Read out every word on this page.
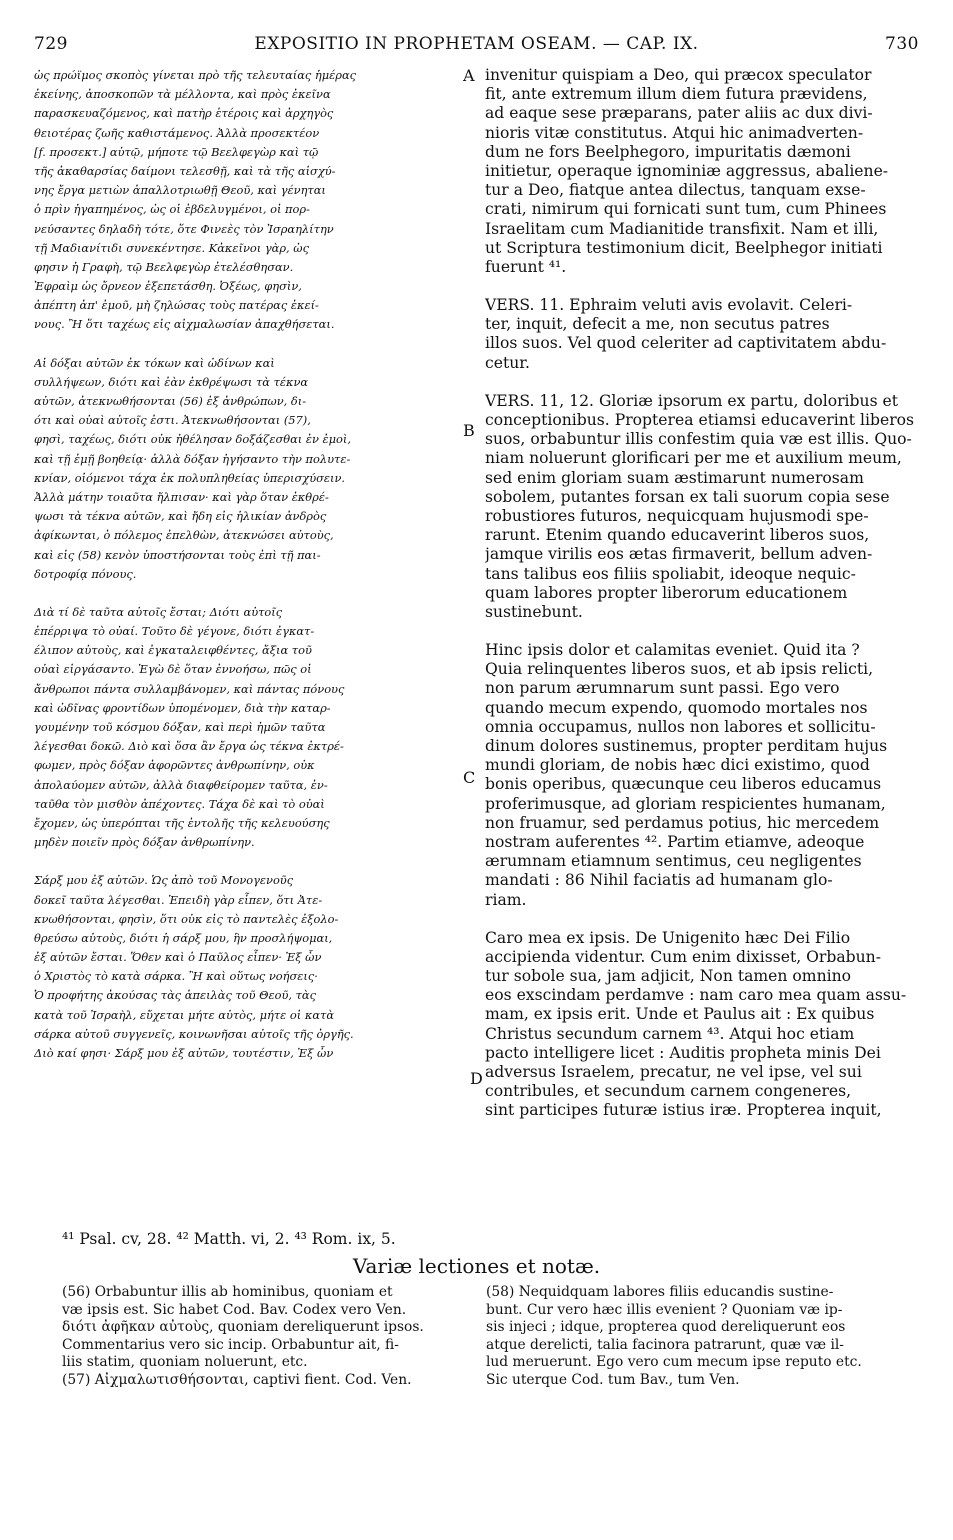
729	EXPOSITIO IN PROPHETAM OSEAM. — CAP. IX.	730
ὡς πρώϊμος σκοπὸς γίνεται πρὸ τῆς τελευταίας ἡμέρας
ἐκείνης, ἀποσκοπῶν τὰ μέλλοντα, καὶ πρὸς ἐκεῖνα
παρασκευαζόμενος, καὶ πατὴρ ἑτέροις καὶ ἀρχηγὸς
θειοτέρας ζωῆς καθιστάμενος. Ἀλλὰ προσεκτέον
[f. προσεκτ.] αὐτῷ, μήποτε τῷ Βεελφεγὼρ καὶ τῷ
τῆς ἀκαθαρσίας δαίμονι τελεσθῇ, καὶ τὰ τῆς αἰσχύ-
νης ἔργα μετιὼν ἀπαλλοτριωθῇ Θεοῦ, καὶ γένηται
ὁ πρὶν ἠγαπημένος, ὡς οἱ ἐβδελυγμένοι, οἱ πορ-
νεύσαντες δηλαδὴ τότε, ὅτε Φινεὲς τὸν Ἰσραηλίτην
τῇ Μαδιανίτιδι συνεκέντησε. Κἀκεῖνοι γὰρ, ὡς
φησιν ἡ Γραφὴ, τῷ Βεελφεγὼρ ἐτελέσθησαν.
Ἐφραὶμ ὡς ὄρνεον ἐξεπετάσθη. Ὀξέως, φησὶν,
ἀπέπτη ἀπ' ἐμοῦ, μὴ ζηλώσας τοὺς πατέρας ἐκεί-
νους. Ἢ ὅτι ταχέως εἰς αἰχμαλωσίαν ἀπαχθήσεται.
Αἱ δόξαι αὐτῶν ἐκ τόκων καὶ ὠδίνων καὶ
συλλήψεων, διότι καὶ ἐὰν ἐκθρέψωσι τὰ τέκνα
αὐτῶν, ἀτεκνωθήσονται (56) ἐξ ἀνθρώπων, δι-
ότι καὶ οὐαὶ αὐτοῖς ἐστι. Ἀτεκνωθήσονται (57),
φησὶ, ταχέως, διότι οὐκ ἠθέλησαν δοξάζεσθαι ἐν ἐμοὶ,
καὶ τῇ ἐμῇ βοηθείᾳ· ἀλλὰ δόξαν ἡγήσαντο τὴν πολυτε-
κνίαν, οἰόμενοι τάχα ἐκ πολυπληθείας ὑπερισχύσειν.
Ἀλλὰ μάτην τοιαῦτα ἤλπισαν· καὶ γὰρ ὅταν ἐκθρέ-
ψωσι τὰ τέκνα αὐτῶν, καὶ ἤδη εἰς ἡλικίαν ἀνδρὸς
ἀφίκωνται, ὁ πόλεμος ἐπελθὼν, ἀτεκνώσει αὐτοὺς,
καὶ εἰς (58) κενὸν ὑποστήσονται τοὺς ἐπὶ τῇ παι-
δοτροφίᾳ πόνους.
Διὰ τί δὲ ταῦτα αὐτοῖς ἔσται; Διότι αὐτοῖς
ἐπέρριψα τὸ οὐαί. Τοῦτο δὲ γέγονε, διότι ἐγκατ-
έλιπον αὐτοὺς, καὶ ἐγκαταλειφθέντες, ἄξια τοῦ
οὐαὶ εἰργάσαντο. Ἐγὼ δὲ ὅταν ἐννοήσω, πῶς οἱ
ἄνθρωποι πάντα συλλαμβάνομεν, καὶ πάντας πόνους
καὶ ὠδῖνας φροντίδων ὑπομένομεν, διὰ τὴν καταρ-
γουμένην τοῦ κόσμου δόξαν, καὶ περὶ ἡμῶν ταῦτα
λέγεσθαι δοκῶ. Διὸ καὶ ὅσα ἂν ἔργα ὡς τέκνα ἐκτρέ-
φωμεν, πρὸς δόξαν ἀφορῶντες ἀνθρωπίνην, οὐκ
ἀπολαύομεν αὐτῶν, ἀλλὰ διαφθείρομεν ταῦτα, ἐν-
ταῦθα τὸν μισθὸν ἀπέχοντες. Τάχα δὲ καὶ τὸ οὐαὶ
ἔχομεν, ὡς ὑπερόπται τῆς ἐντολῆς τῆς κελευούσης
μηδὲν ποιεῖν πρὸς δόξαν ἀνθρωπίνην.
Σάρξ μου ἐξ αὐτῶν. Ὡς ἀπὸ τοῦ Μονογενοῦς
δοκεῖ ταῦτα λέγεσθαι. Ἐπειδὴ γὰρ εἶπεν, ὅτι Ἀτε-
κνωθήσονται, φησὶν, ὅτι οὐκ εἰς τὸ παντελὲς ἐξολο-
θρεύσω αὐτοὺς, διότι ἡ σάρξ μου, ἣν προσλήψομαι,
ἐξ αὐτῶν ἔσται. Ὅθεν καὶ ὁ Παῦλος εἶπεν· Ἐξ ὧν
ὁ Χριστὸς τὸ κατὰ σάρκα. Ἢ καὶ οὕτως νοήσεις·
Ὁ προφήτης ἀκούσας τὰς ἀπειλὰς τοῦ Θεοῦ, τὰς
κατὰ τοῦ Ἰσραὴλ, εὔχεται μήτε αὐτὸς, μήτε οἱ κατὰ
σάρκα αὐτοῦ συγγενεῖς, κοινωνῆσαι αὐτοῖς τῆς ὀργῆς.
Διὸ καί φησι· Σάρξ μου ἐξ αὐτῶν, τουτέστιν, Ἐξ ὧν
invenitur quispiam a Deo, qui præcox speculator
fit, ante extremum illum diem futura prævidens,
ad eaque sese præparans, pater aliis ac dux divi-
nioris vitæ constitutus. Atqui hic animadverten-
dum ne fors Beelphegoro, impuritatis dæmoni
initietur, operaque ignominiæ aggressus, abaliene-
tur a Deo, fiatque antea dilectus, tanquam exse-
crati, nimirum qui fornicati sunt tum, cum Phinees
Israelitam cum Madianitide transfixit. Nam et illi,
ut Scriptura testimonium dicit, Beelphegor initiati
fuerunt ⁴¹.
VERS. 11. Ephraim veluti avis evolavit. Celeri-
ter, inquit, defecit a me, non secutus patres
illos suos. Vel quod celeriter ad captivitatem abdu-
cetur.
VERS. 11, 12. Gloriæ ipsorum ex partu, doloribus et
conceptionibus. Propterea etiamsi educaverint liberos
suos, orbabuntur illis confestim quia væ est illis. Quo-
niam noluerunt glorificari per me et auxilium meum,
sed enim gloriam suam æstimarunt numerosam
sobolem, putantes forsan ex tali suorum copia sese
robustiores futuros, nequicquam hujusmodi spe-
rarunt. Etenim quando educaverint liberos suos,
jamque virilis eos ætas firmaverit, bellum adven-
tans talibus eos filiis spoliabit, ideoque nequic-
quam labores propter liberorum educationem
sustinebunt.
Hinc ipsis dolor et calamitas eveniet. Quid ita ?
Quia relinquentes liberos suos, et ab ipsis relicti,
non parum ærumnarum sunt passi. Ego vero
quando mecum expendo, quomodo mortales nos
omnia occupamus, nullos non labores et sollicitu-
dinum dolores sustinemus, propter perditam hujus
mundi gloriam, de nobis hæc dici existimo, quod
bonis operibus, quæcunque ceu liberos educamus
proferimusque, ad gloriam respicientes humanam,
non fruamur, sed perdamus potius, hic mercedem
nostram auferentes ⁴². Partim etiamve, adeoque
ærumnam etiamnum sentimus, ceu negligentes
mandati : 86 Nihil faciatis ad humanam glo-
riam.
Caro mea ex ipsis. De Unigenito hæc Dei Filio
accipienda videntur. Cum enim dixisset, Orbabun-
tur sobole sua, jam adjicit, Non tamen omnino
eos exscindam perdamve : nam caro mea quam assu-
mam, ex ipsis erit. Unde et Paulus ait : Ex quibus
Christus secundum carnem ⁴³. Atqui hoc etiam
pacto intelligere licet : Auditis propheta minis Dei
adversus Israelem, precatur, ne vel ipse, vel sui
contribules, et secundum carnem congeneres,
sint participes futuræ istius iræ. Propterea inquit,
A
B
C
D
⁴¹ Psal. cv, 28. ⁴² Matth. vi, 2. ⁴³ Rom. ix, 5.
Variæ lectiones et notæ.
(56) Orbabuntur illis ab hominibus, quoniam et
væ ipsis est. Sic habet Cod. Bav. Codex vero Ven.
διότι ἀφῆκαν αὐτοὺς, quoniam dereliquerunt ipsos.
Commentarius vero sic incip. Orbabuntur ait, fi-
liis statim, quoniam noluerunt, etc.
(57) Αἰχμαλωτισθήσονται, captivi fient. Cod. Ven.
(58) Nequidquam labores filiis educandis sustine-
bunt. Cur vero hæc illis evenient ? Quoniam væ ip-
sis injeci ; idque, propterea quod dereliquerunt eos
atque derelicti, talia facinora patrarunt, quæ væ il-
lud meruerunt. Ego vero cum mecum ipse reputo etc.
Sic uterque Cod. tum Bav., tum Ven.
